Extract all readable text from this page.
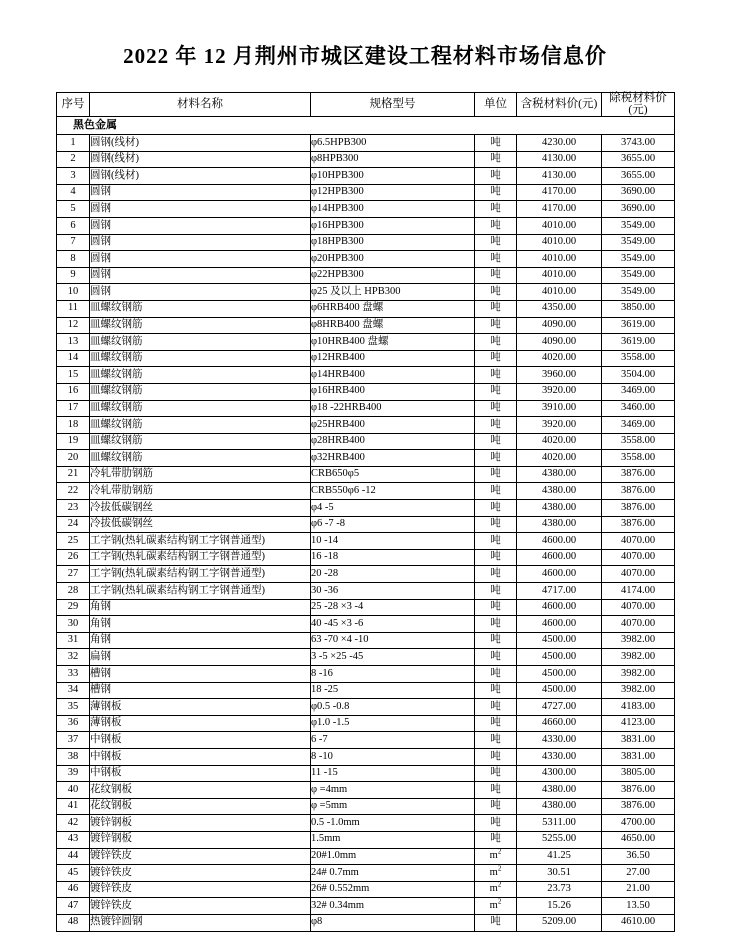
2022 年 12 月荆州市城区建设工程材料市场信息价
序号	材料名称	规格型号	单位	含税材料价(元)	除税材料价(元)
黑色金属					
1	圆钢(线材)	φ6.5HPB300	吨	4230.00	3743.00
2	圆钢(线材)	φ8HPB300	吨	4130.00	3655.00
3	圆钢(线材)	φ10HPB300	吨	4130.00	3655.00
4	圆钢	φ12HPB300	吨	4170.00	3690.00
5	圆钢	φ14HPB300	吨	4170.00	3690.00
6	圆钢	φ16HPB300	吨	4010.00	3549.00
7	圆钢	φ18HPB300	吨	4010.00	3549.00
8	圆钢	φ20HPB300	吨	4010.00	3549.00
9	圆钢	φ22HPB300	吨	4010.00	3549.00
10	圆钢	φ25 及以上 HPB300	吨	4010.00	3549.00
11	皿螺纹钢筋	φ6HRB400 盘螺	吨	4350.00	3850.00
12	皿螺纹钢筋	φ8HRB400 盘螺	吨	4090.00	3619.00
13	皿螺纹钢筋	φ10HRB400 盘螺	吨	4090.00	3619.00
14	皿螺纹钢筋	φ12HRB400	吨	4020.00	3558.00
15	皿螺纹钢筋	φ14HRB400	吨	3960.00	3504.00
16	皿螺纹钢筋	φ16HRB400	吨	3920.00	3469.00
17	皿螺纹钢筋	φ18 -22HRB400	吨	3910.00	3460.00
18	皿螺纹钢筋	φ25HRB400	吨	3920.00	3469.00
19	皿螺纹钢筋	φ28HRB400	吨	4020.00	3558.00
20	皿螺纹钢筋	φ32HRB400	吨	4020.00	3558.00
21	冷轧带肋钢筋	CRB650φ5	吨	4380.00	3876.00
22	冷轧带肋钢筋	CRB550φ6 -12	吨	4380.00	3876.00
23	冷拔低碳钢丝	φ4 -5	吨	4380.00	3876.00
24	冷拔低碳钢丝	φ6 -7 -8	吨	4380.00	3876.00
25	工字钢(热轧碳素结构钢工字钢普通型)	10 -14	吨	4600.00	4070.00
26	工字钢(热轧碳素结构钢工字钢普通型)	16 -18	吨	4600.00	4070.00
27	工字钢(热轧碳素结构钢工字钢普通型)	20 -28	吨	4600.00	4070.00
28	工字钢(热轧碳素结构钢工字钢普通型)	30 -36	吨	4717.00	4174.00
29	角钢	25 -28 ×3 -4	吨	4600.00	4070.00
30	角钢	40 -45 ×3 -6	吨	4600.00	4070.00
31	角钢	63 -70 ×4 -10	吨	4500.00	3982.00
32	扁钢	3 -5 ×25 -45	吨	4500.00	3982.00
33	槽钢	8 -16	吨	4500.00	3982.00
34	槽钢	18 -25	吨	4500.00	3982.00
35	薄钢板	φ0.5 -0.8	吨	4727.00	4183.00
36	薄钢板	φ1.0 -1.5	吨	4660.00	4123.00
37	中钢板	6 -7	吨	4330.00	3831.00
38	中钢板	8 -10	吨	4330.00	3831.00
39	中钢板	11 -15	吨	4300.00	3805.00
40	花纹钢板	φ =4mm	吨	4380.00	3876.00
41	花纹钢板	φ =5mm	吨	4380.00	3876.00
42	镀锌钢板	0.5 -1.0mm	吨	5311.00	4700.00
43	镀锌钢板	1.5mm	吨	5255.00	4650.00
44	镀锌铁皮	20#1.0mm	$m^2$	41.25	36.50
45	镀锌铁皮	24# 0.7mm	$m^2$	30.51	27.00
46	镀锌铁皮	26# 0.552mm	$m^2$	23.73	21.00
47	镀锌铁皮	32# 0.34mm	$m^2$	15.26	13.50
48	热镀锌圆钢	φ8	吨	5209.00	4610.00
